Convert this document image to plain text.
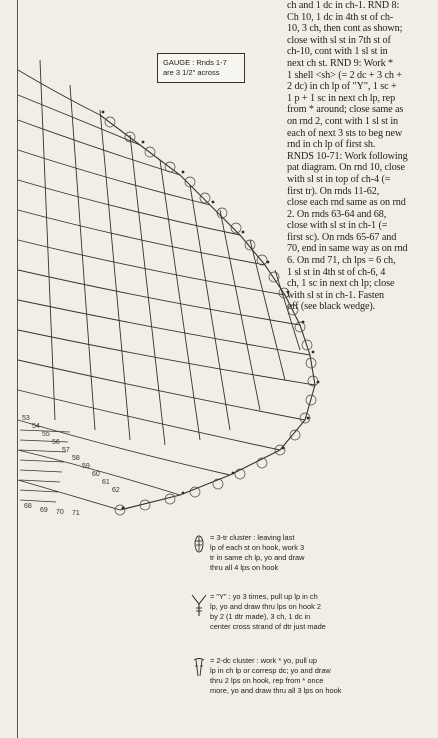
53
54
55
56
57
58
59
60
61
62
68
69 70 71
GAUGE : Rnds 1-7
are 3 1/2" across
ch and 1 dc in ch-1. RND 8:
Ch 10, 1 dc in 4th st of ch-
10, 3 ch, then cont as shown;
close with sl st in 7th st of
ch-10, cont with 1 sl st in
next ch st. RND 9: Work *
1 shell <sh> (= 2 dc + 3 ch +
2 dc) in ch lp of "Y", 1 sc +
1 p + 1 sc in next ch lp, rep
from * around; close same as
on rnd 2, cont with 1 sl st in
each of next 3 sts to beg new
rnd in ch lp of first sh.
RNDS 10-71: Work following
pat diagram. On rnd 10, close
with sl st in top of ch-4 (=
first tr). On rnds 11-62,
close each rnd same as on rnd
2. On rnds 63-64 and 68,
close with sl st in ch-1 (=
first sc). On rnds 65-67 and
70, end in same way as on rnd
6. On rnd 71, ch lps = 6 ch,
1 sl st in 4th st of ch-6, 4
ch, 1 sc in next ch lp; close
with sl st in ch-1. Fasten
off (see black wedge).
= 3-tr cluster : leaving last
lp of each st on hook, work 3
tr in same ch lp, yo and draw
thru all 4 lps on hook
= "Y" : yo 3 times, pull up lp in ch
lp, yo and draw thru lps on hook 2
by 2 (1 dtr made), 3 ch, 1 dc in
center cross strand of dtr just made
= 2-dc cluster : work * yo, pull up
lp in ch lp or corresp dc; yo and draw
thru 2 lps on hook, rep from * once
more, yo and draw thru all 3 lps on hook
